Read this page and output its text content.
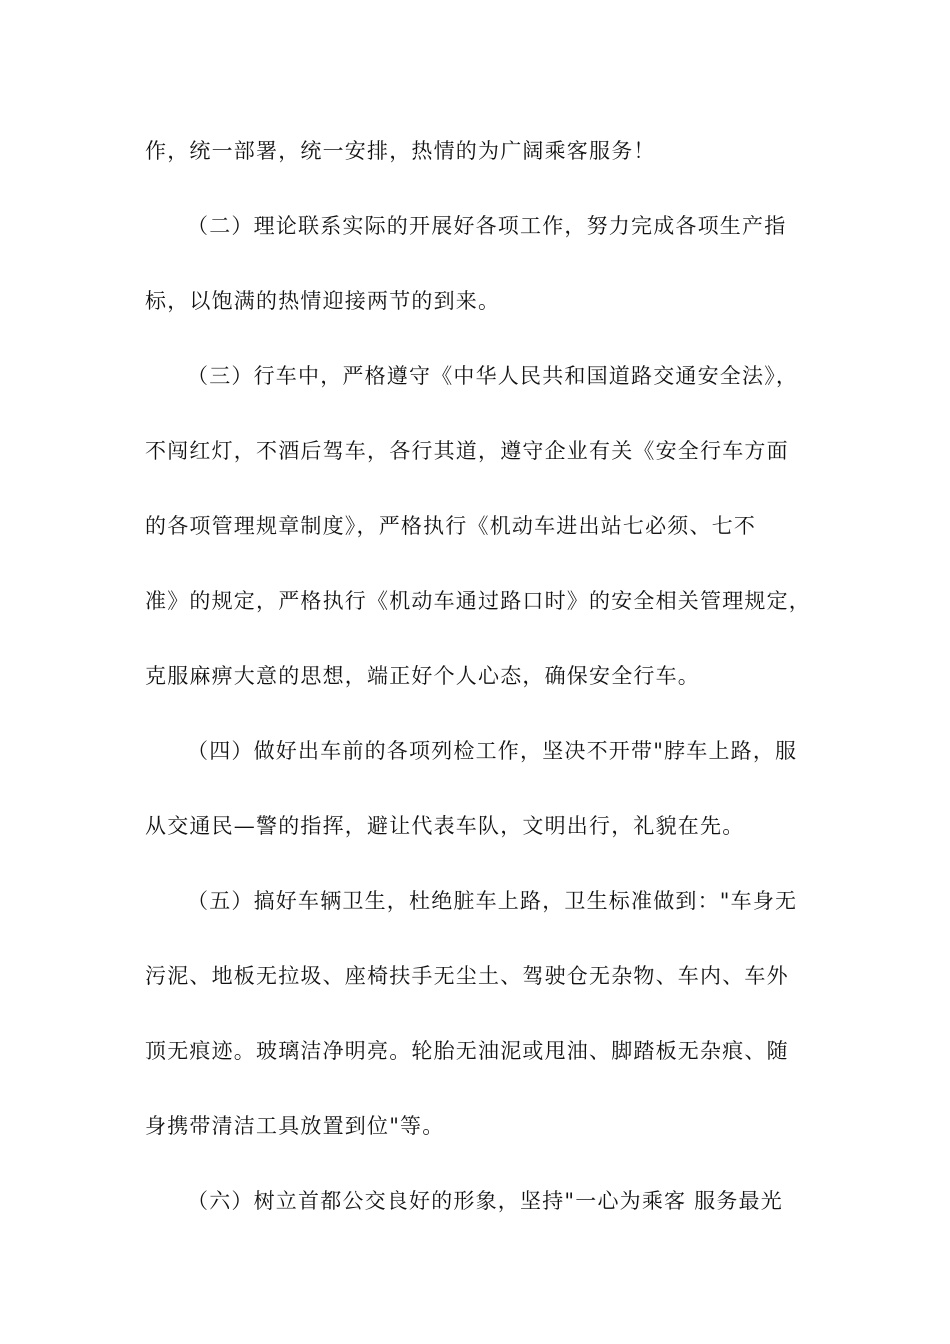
作，统一部署，统一安排，热情的为广阔乘客服务！
（二）理论联系实际的开展好各项工作，努力完成各项生产指
标，以饱满的热情迎接两节的到来。
（三）行车中，严格遵守《中华人民共和国道路交通安全法》，
不闯红灯，不酒后驾车，各行其道，遵守企业有关《安全行车方面
的各项管理规章制度》，严格执行《机动车进出站七必须、七不
准》的规定，严格执行《机动车通过路口时》的安全相关管理规定，
克服麻痹大意的思想，端正好个人心态，确保安全行车。
（四）做好出车前的各项列检工作，坚决不开带"脖车上路，服
从交通民—警的指挥，避让代表车队，文明出行，礼貌在先。
（五）搞好车辆卫生，杜绝脏车上路，卫生标准做到："车身无
污泥、地板无拉圾、座椅扶手无尘土、驾驶仓无杂物、车内、车外
顶无痕迹。玻璃洁净明亮。轮胎无油泥或甩油、脚踏板无杂痕、随
身携带清洁工具放置到位"等。
（六）树立首都公交良好的形象，坚持"一心为乘客 服务最光
